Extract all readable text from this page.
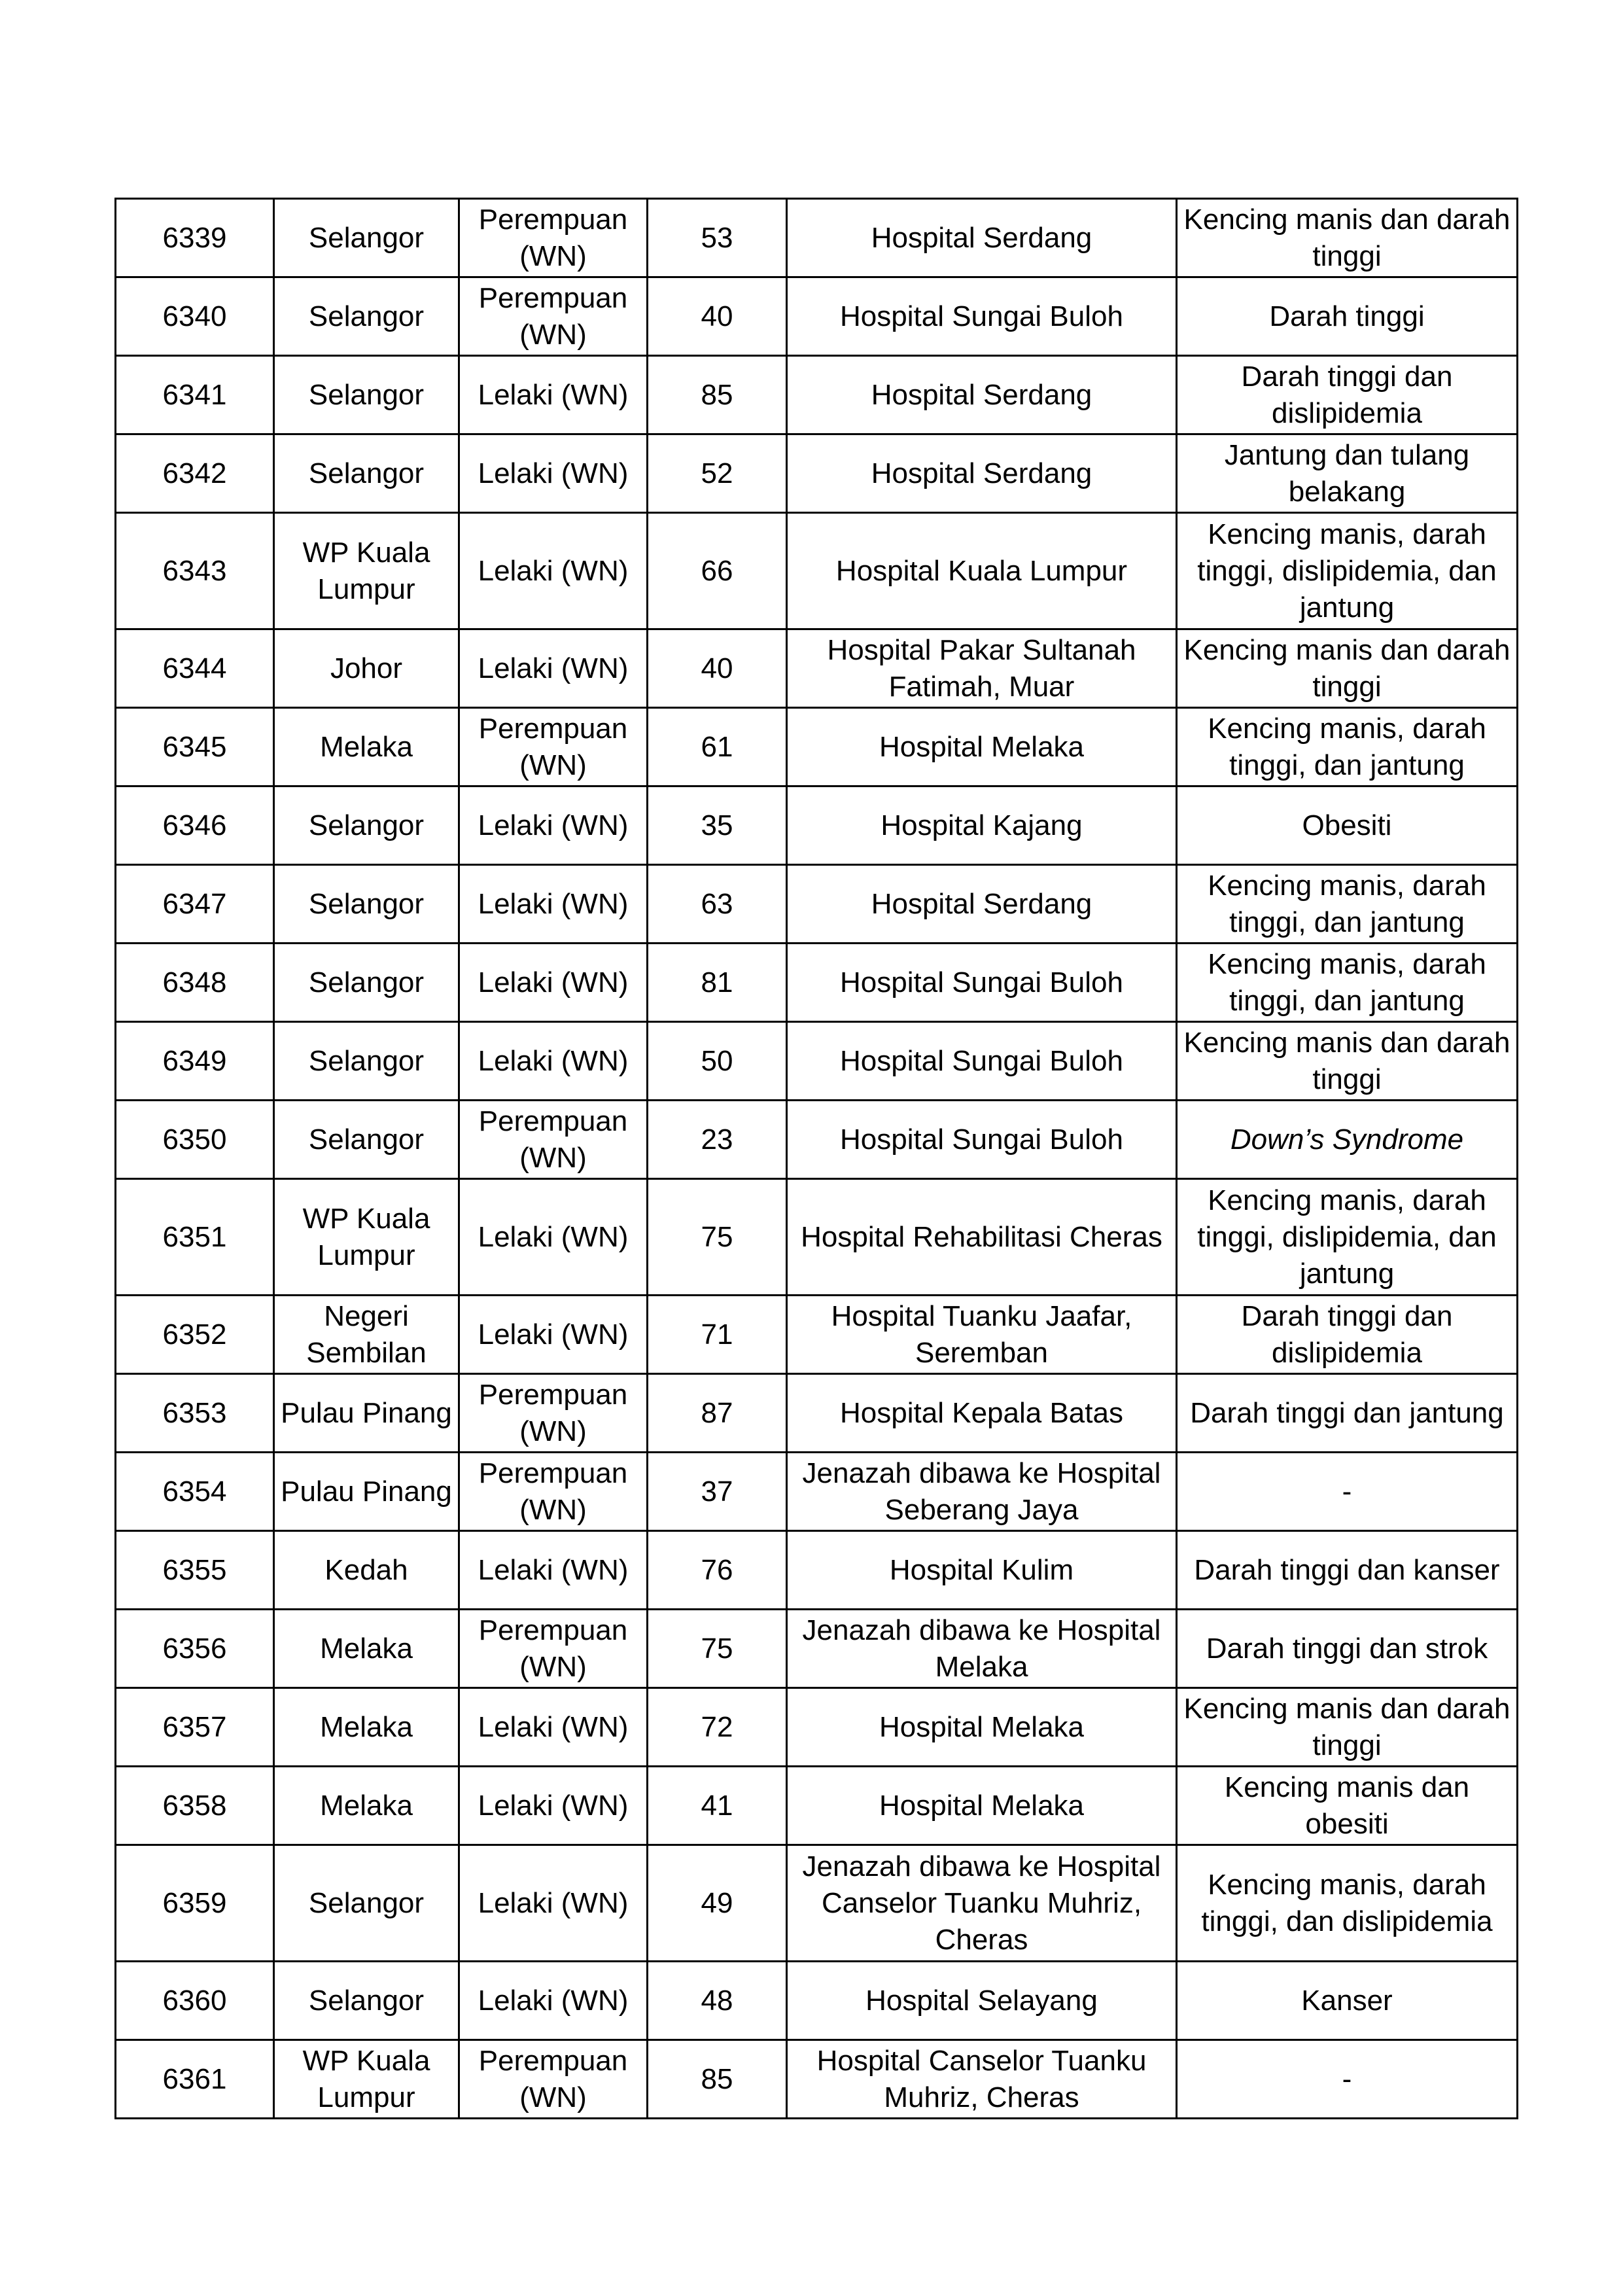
6339	Selangor	Perempuan (WN)	53	Hospital Serdang	Kencing manis dan darah tinggi
6340	Selangor	Perempuan (WN)	40	Hospital Sungai Buloh	Darah tinggi
6341	Selangor	Lelaki (WN)	85	Hospital Serdang	Darah tinggi dan dislipidemia
6342	Selangor	Lelaki (WN)	52	Hospital Serdang	Jantung dan tulang belakang
6343	WP Kuala Lumpur	Lelaki (WN)	66	Hospital Kuala Lumpur	Kencing manis, darah tinggi, dislipidemia, dan jantung
6344	Johor	Lelaki (WN)	40	Hospital Pakar Sultanah Fatimah, Muar	Kencing manis dan darah tinggi
6345	Melaka	Perempuan (WN)	61	Hospital Melaka	Kencing manis, darah tinggi, dan jantung
6346	Selangor	Lelaki (WN)	35	Hospital Kajang	Obesiti
6347	Selangor	Lelaki (WN)	63	Hospital Serdang	Kencing manis, darah tinggi, dan jantung
6348	Selangor	Lelaki (WN)	81	Hospital Sungai Buloh	Kencing manis, darah tinggi, dan jantung
6349	Selangor	Lelaki (WN)	50	Hospital Sungai Buloh	Kencing manis dan darah tinggi
6350	Selangor	Perempuan (WN)	23	Hospital Sungai Buloh	Down’s Syndrome
6351	WP Kuala Lumpur	Lelaki (WN)	75	Hospital Rehabilitasi Cheras	Kencing manis, darah tinggi, dislipidemia, dan jantung
6352	Negeri Sembilan	Lelaki (WN)	71	Hospital Tuanku Jaafar, Seremban	Darah tinggi dan dislipidemia
6353	Pulau Pinang	Perempuan (WN)	87	Hospital Kepala Batas	Darah tinggi dan jantung
6354	Pulau Pinang	Perempuan (WN)	37	Jenazah dibawa ke Hospital Seberang Jaya	-
6355	Kedah	Lelaki (WN)	76	Hospital Kulim	Darah tinggi dan kanser
6356	Melaka	Perempuan (WN)	75	Jenazah dibawa ke Hospital Melaka	Darah tinggi dan strok
6357	Melaka	Lelaki (WN)	72	Hospital Melaka	Kencing manis dan darah tinggi
6358	Melaka	Lelaki (WN)	41	Hospital Melaka	Kencing manis dan obesiti
6359	Selangor	Lelaki (WN)	49	Jenazah dibawa ke Hospital Canselor Tuanku Muhriz, Cheras	Kencing manis, darah tinggi, dan dislipidemia
6360	Selangor	Lelaki (WN)	48	Hospital Selayang	Kanser
6361	WP Kuala Lumpur	Perempuan (WN)	85	Hospital Canselor Tuanku Muhriz, Cheras	-
